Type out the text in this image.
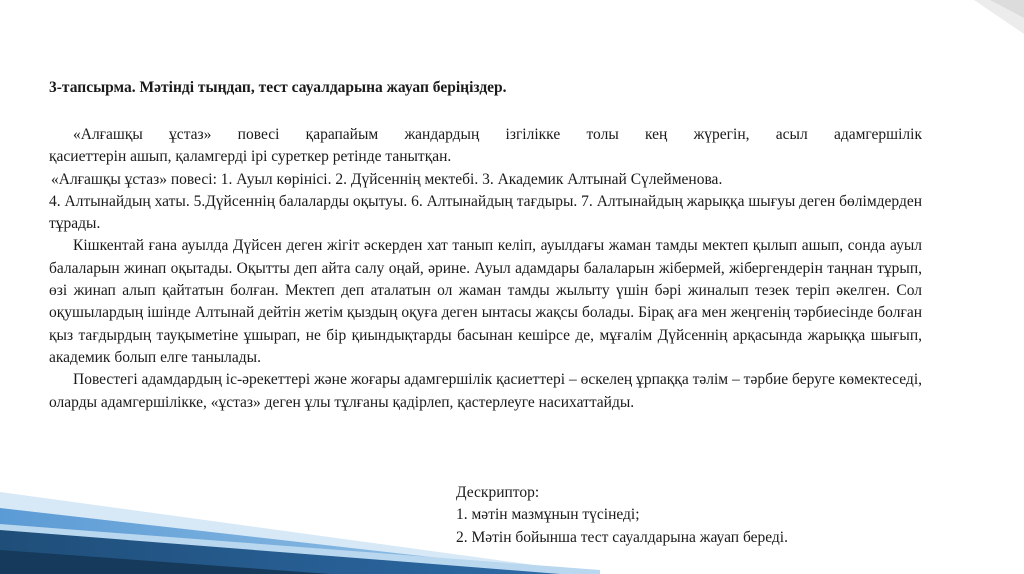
3-тапсырма. Мәтінді тыңдап, тест сауалдарына жауап беріңіздер.

«Алғашқы ұстаз» повесі қарапайым жандардың ізгілікке толы кең жүрегін, асыл адамгершілік

қасиеттерін ашып, қаламгерді ірі суреткер ретінде танытқан.

«Алғашқы ұстаз» повесі: 1. Ауыл көрінісі. 2. Дүйсеннің мектебі. 3. Академик Алтынай Сүлейменова.

4. Алтынайдың хаты. 5.Дүйсеннің балаларды оқытуы. 6. Алтынайдың тағдыры. 7. Алтынайдың жарыққа шығуы деген бөлімдерден тұрады.

Кішкентай ғана ауылда Дүйсен деген жігіт әскерден хат танып келіп, ауылдағы жаман тамды мектеп қылып ашып, сонда ауыл балаларын жинап оқытады. Оқытты деп айта салу оңай, әрине. Ауыл адамдары балаларын жібермей, жібергендерін таңнан тұрып, өзі жинап алып қайтатын болған. Мектеп деп аталатын ол жаман тамды жылыту үшін бәрі жиналып тезек теріп әкелген. Сол оқушылардың ішінде Алтынай дейтін жетім қыздың оқуға деген ынтасы жақсы болады. Бірақ аға мен жеңгенің тәрбиесінде болған қыз тағдырдың тауқыметіне ұшырап, не бір қиындықтарды басынан кешірсе де, мұғалім Дүйсеннің арқасында жарыққа шығып, академик болып елге танылады.

Повестегі адамдардың іс-әрекеттері және жоғары адамгершілік қасиеттері – өскелең ұрпаққа тәлім – тәрбие беруге көмектеседі, оларды адамгершілікке, «ұстаз» деген ұлы тұлғаны қадірлеп, қастерлеуге насихаттайды.

Дескриптор:
1. мәтін мазмұнын түсінеді;
2. Мәтін бойынша тест сауалдарына жауап береді.
